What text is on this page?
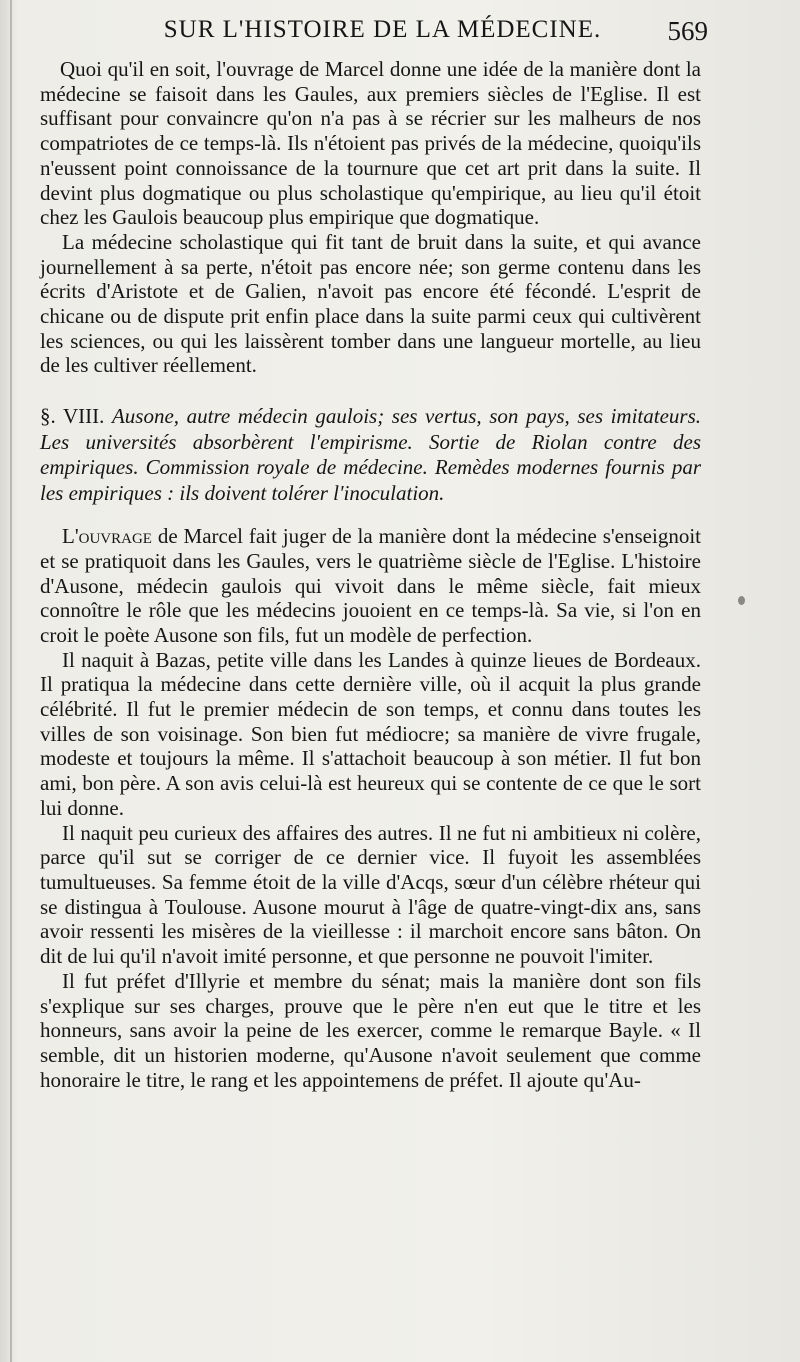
SUR L'HISTOIRE DE LA MÉDECINE.	569

Quoi qu'il en soit, l'ouvrage de Marcel donne une idée de la manière dont la médecine se faisoit dans les Gaules, aux premiers siècles de l'Eglise. Il est suffisant pour convaincre qu'on n'a pas à se récrier sur les malheurs de nos compatriotes de ce temps-là. Ils n'étoient pas privés de la médecine, quoiqu'ils n'eussent point connoissance de la tournure que cet art prit dans la suite. Il devint plus dogmatique ou plus scholastique qu'empirique, au lieu qu'il étoit chez les Gaulois beaucoup plus empirique que dogmatique.

La médecine scholastique qui fit tant de bruit dans la suite, et qui avance journellement à sa perte, n'étoit pas encore née; son germe contenu dans les écrits d'Aristote et de Galien, n'avoit pas encore été fécondé. L'esprit de chicane ou de dispute prit enfin place dans la suite parmi ceux qui cultivèrent les sciences, ou qui les laissèrent tomber dans une langueur mortelle, au lieu de les cultiver réellement.

§. VIII. Ausone, autre médecin gaulois; ses vertus, son pays, ses imitateurs. Les universités absorbèrent l'empirisme. Sortie de Riolan contre des empiriques. Commission royale de médecine. Remèdes modernes fournis par les empiriques : ils doivent tolérer l'inoculation.

L'ouvrage de Marcel fait juger de la manière dont la médecine s'enseignoit et se pratiquoit dans les Gaules, vers le quatrième siècle de l'Eglise. L'histoire d'Ausone, médecin gaulois qui vivoit dans le même siècle, fait mieux connoître le rôle que les médecins jouoient en ce temps-là. Sa vie, si l'on en croit le poète Ausone son fils, fut un modèle de perfection.

Il naquit à Bazas, petite ville dans les Landes à quinze lieues de Bordeaux. Il pratiqua la médecine dans cette dernière ville, où il acquit la plus grande célébrité. Il fut le premier médecin de son temps, et connu dans toutes les villes de son voisinage. Son bien fut médiocre; sa manière de vivre frugale, modeste et toujours la même. Il s'attachoit beaucoup à son métier. Il fut bon ami, bon père. A son avis celui-là est heureux qui se contente de ce que le sort lui donne.

Il naquit peu curieux des affaires des autres. Il ne fut ni ambitieux ni colère, parce qu'il sut se corriger de ce dernier vice. Il fuyoit les assemblées tumultueuses. Sa femme étoit de la ville d'Acqs, sœur d'un célèbre rhéteur qui se distingua à Toulouse. Ausone mourut à l'âge de quatre-vingt-dix ans, sans avoir ressenti les misères de la vieillesse : il marchoit encore sans bâton. On dit de lui qu'il n'avoit imité personne, et que personne ne pouvoit l'imiter.

Il fut préfet d'Illyrie et membre du sénat; mais la manière dont son fils s'explique sur ses charges, prouve que le père n'en eut que le titre et les honneurs, sans avoir la peine de les exercer, comme le remarque Bayle. « Il semble, dit un historien moderne, qu'Ausone n'avoit seulement que comme honoraire le titre, le rang et les appointemens de préfet. Il ajoute qu'Au-
